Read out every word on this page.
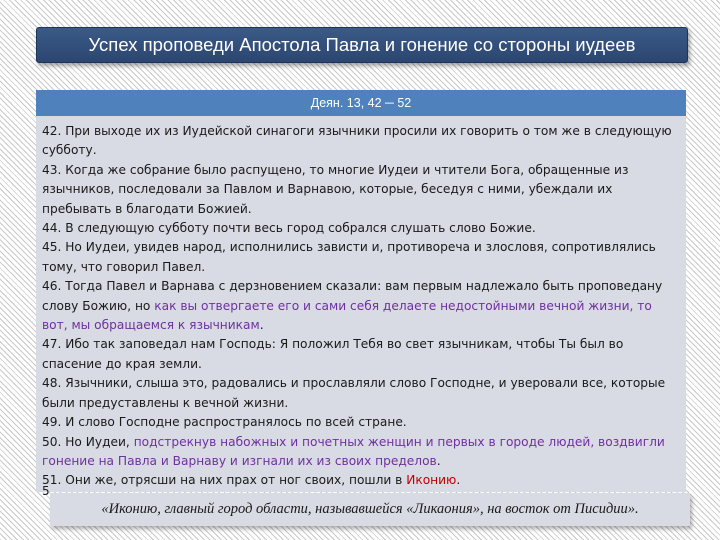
Успех проповеди Апостола Павла и гонение со стороны иудеев
Деян. 13, 42 ─ 52

42. При выходе их из Иудейской синагоги язычники просили их говорить о том же в следующую субботу.

43. Когда же собрание было распущено, то многие Иудеи и чтители Бога, обращенные из язычников, последовали за Павлом и Варнавою, которые, беседуя с ними, убеждали их пребывать в благодати Божией.

44. В следующую субботу почти весь город собрался слушать слово Божие.

45. Но Иудеи, увидев народ, исполнились зависти и, противореча и злословя, сопротивлялись тому, что говорил Павел.

46. Тогда Павел и Варнава с дерзновением сказали: вам первым надлежало быть проповедану слову Божию, но как вы отвергаете его и сами себя делаете недостойными вечной жизни, то вот, мы обращаемся к язычникам.

47. Ибо так заповедал нам Господь: Я положил Тебя во свет язычникам, чтобы Ты был во спасение до края земли.

48. Язычники, слыша это, радовались и прославляли слово Господне, и уверовали все, которые были предуставлены к вечной жизни.

49. И слово Господне распространялось по всей стране.

50. Но Иудеи, подстрекнув набожных и почетных женщин и первых в городе людей, воздвигли гонение на Павла и Варнаву и изгнали их из своих пределов.

51. Они же, отрясши на них прах от ног своих, пошли в Иконию.

5
«Иконию, главный город области, называвшейся «Ликаония», на восток от Писидии».
